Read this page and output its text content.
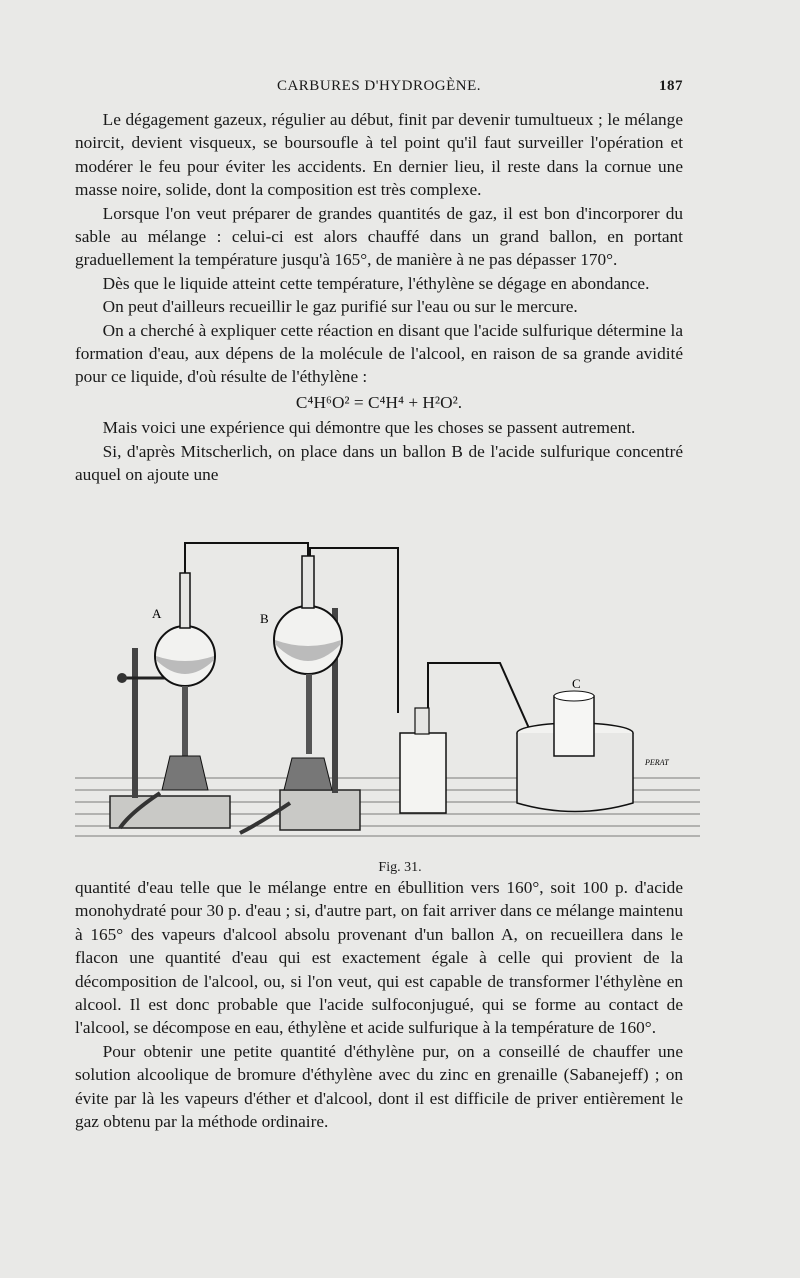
CARBURES D'HYDROGÈNE.	187

Le dégagement gazeux, régulier au début, finit par devenir tumultueux ; le mélange noircit, devient visqueux, se boursoufle à tel point qu'il faut surveiller l'opération et modérer le feu pour éviter les accidents. En dernier lieu, il reste dans la cornue une masse noire, solide, dont la composition est très complexe.

Lorsque l'on veut préparer de grandes quantités de gaz, il est bon d'incorporer du sable au mélange : celui-ci est alors chauffé dans un grand ballon, en portant graduellement la température jusqu'à 165°, de manière à ne pas dépasser 170°.

Dès que le liquide atteint cette température, l'éthylène se dégage en abondance.

On peut d'ailleurs recueillir le gaz purifié sur l'eau ou sur le mercure.

On a cherché à expliquer cette réaction en disant que l'acide sulfurique détermine la formation d'eau, aux dépens de la molécule de l'alcool, en raison de sa grande avidité pour ce liquide, d'où résulte de l'éthylène :

C⁴H⁶O² = C⁴H⁴ + H²O².

Mais voici une expérience qui démontre que les choses se passent autrement.

Si, d'après Mitscherlich, on place dans un ballon B de l'acide sulfurique concentré auquel on ajoute une

A	B
C
PERAT
Fig. 31.

quantité d'eau telle que le mélange entre en ébullition vers 160°, soit 100 p. d'acide monohydraté pour 30 p. d'eau ; si, d'autre part, on fait arriver dans ce mélange maintenu à 165° des vapeurs d'alcool absolu provenant d'un ballon A, on recueillera dans le flacon une quantité d'eau qui est exactement égale à celle qui provient de la décomposition de l'alcool, ou, si l'on veut, qui est capable de transformer l'éthylène en alcool. Il est donc probable que l'acide sulfoconjugué, qui se forme au contact de l'alcool, se décompose en eau, éthylène et acide sulfurique à la température de 160°.

Pour obtenir une petite quantité d'éthylène pur, on a conseillé de chauffer une solution alcoolique de bromure d'éthylène avec du zinc en grenaille (Sabanejeff) ; on évite par là les vapeurs d'éther et d'alcool, dont il est difficile de priver entièrement le gaz obtenu par la méthode ordinaire.
